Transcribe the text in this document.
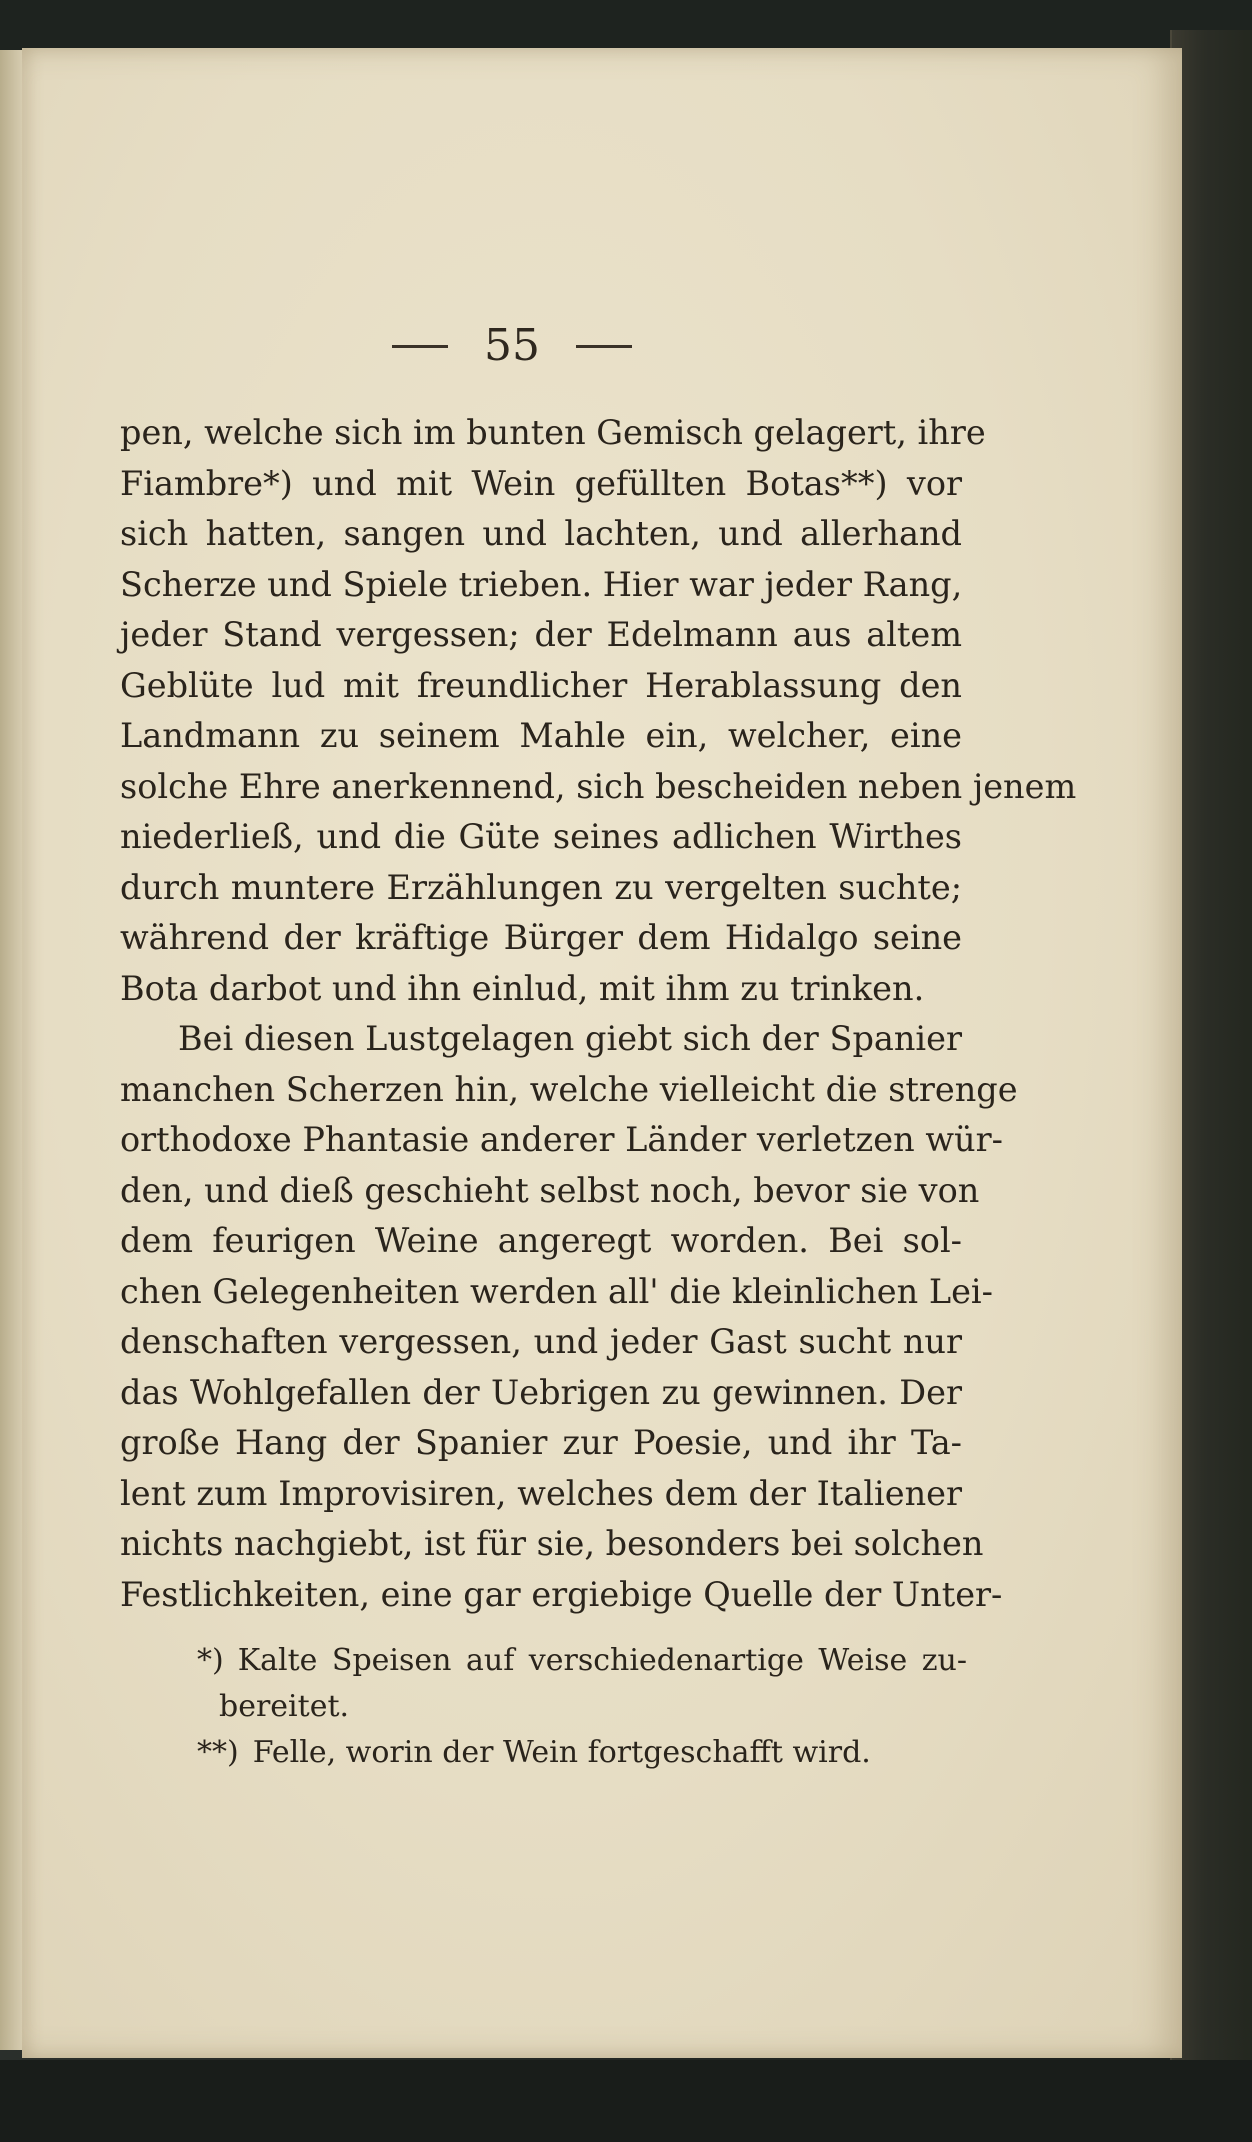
55
pen, welche sich im bunten Gemisch gelagert, ihre
Fiambre*) und mit Wein gefüllten Botas**) vor
sich hatten, sangen und lachten, und allerhand
Scherze und Spiele trieben. Hier war jeder Rang,
jeder Stand vergessen; der Edelmann aus altem
Geblüte lud mit freundlicher Herablassung den
Landmann zu seinem Mahle ein, welcher, eine
solche Ehre anerkennend, sich bescheiden neben jenem
niederließ, und die Güte seines adlichen Wirthes
durch muntere Erzählungen zu vergelten suchte;
während der kräftige Bürger dem Hidalgo seine
Bota darbot und ihn einlud, mit ihm zu trinken.
Bei diesen Lustgelagen giebt sich der Spanier
manchen Scherzen hin, welche vielleicht die strenge
orthodoxe Phantasie anderer Länder verletzen wür-
den, und dieß geschieht selbst noch, bevor sie von
dem feurigen Weine angeregt worden. Bei sol-
chen Gelegenheiten werden all' die kleinlichen Lei-
denschaften vergessen, und jeder Gast sucht nur
das Wohlgefallen der Uebrigen zu gewinnen. Der
große Hang der Spanier zur Poesie, und ihr Ta-
lent zum Improvisiren, welches dem der Italiener
nichts nachgiebt, ist für sie, besonders bei solchen
Festlichkeiten, eine gar ergiebige Quelle der Unter-
*) Kalte Speisen auf verschiedenartige Weise zu-
bereitet.
**) Felle, worin der Wein fortgeschafft wird.
